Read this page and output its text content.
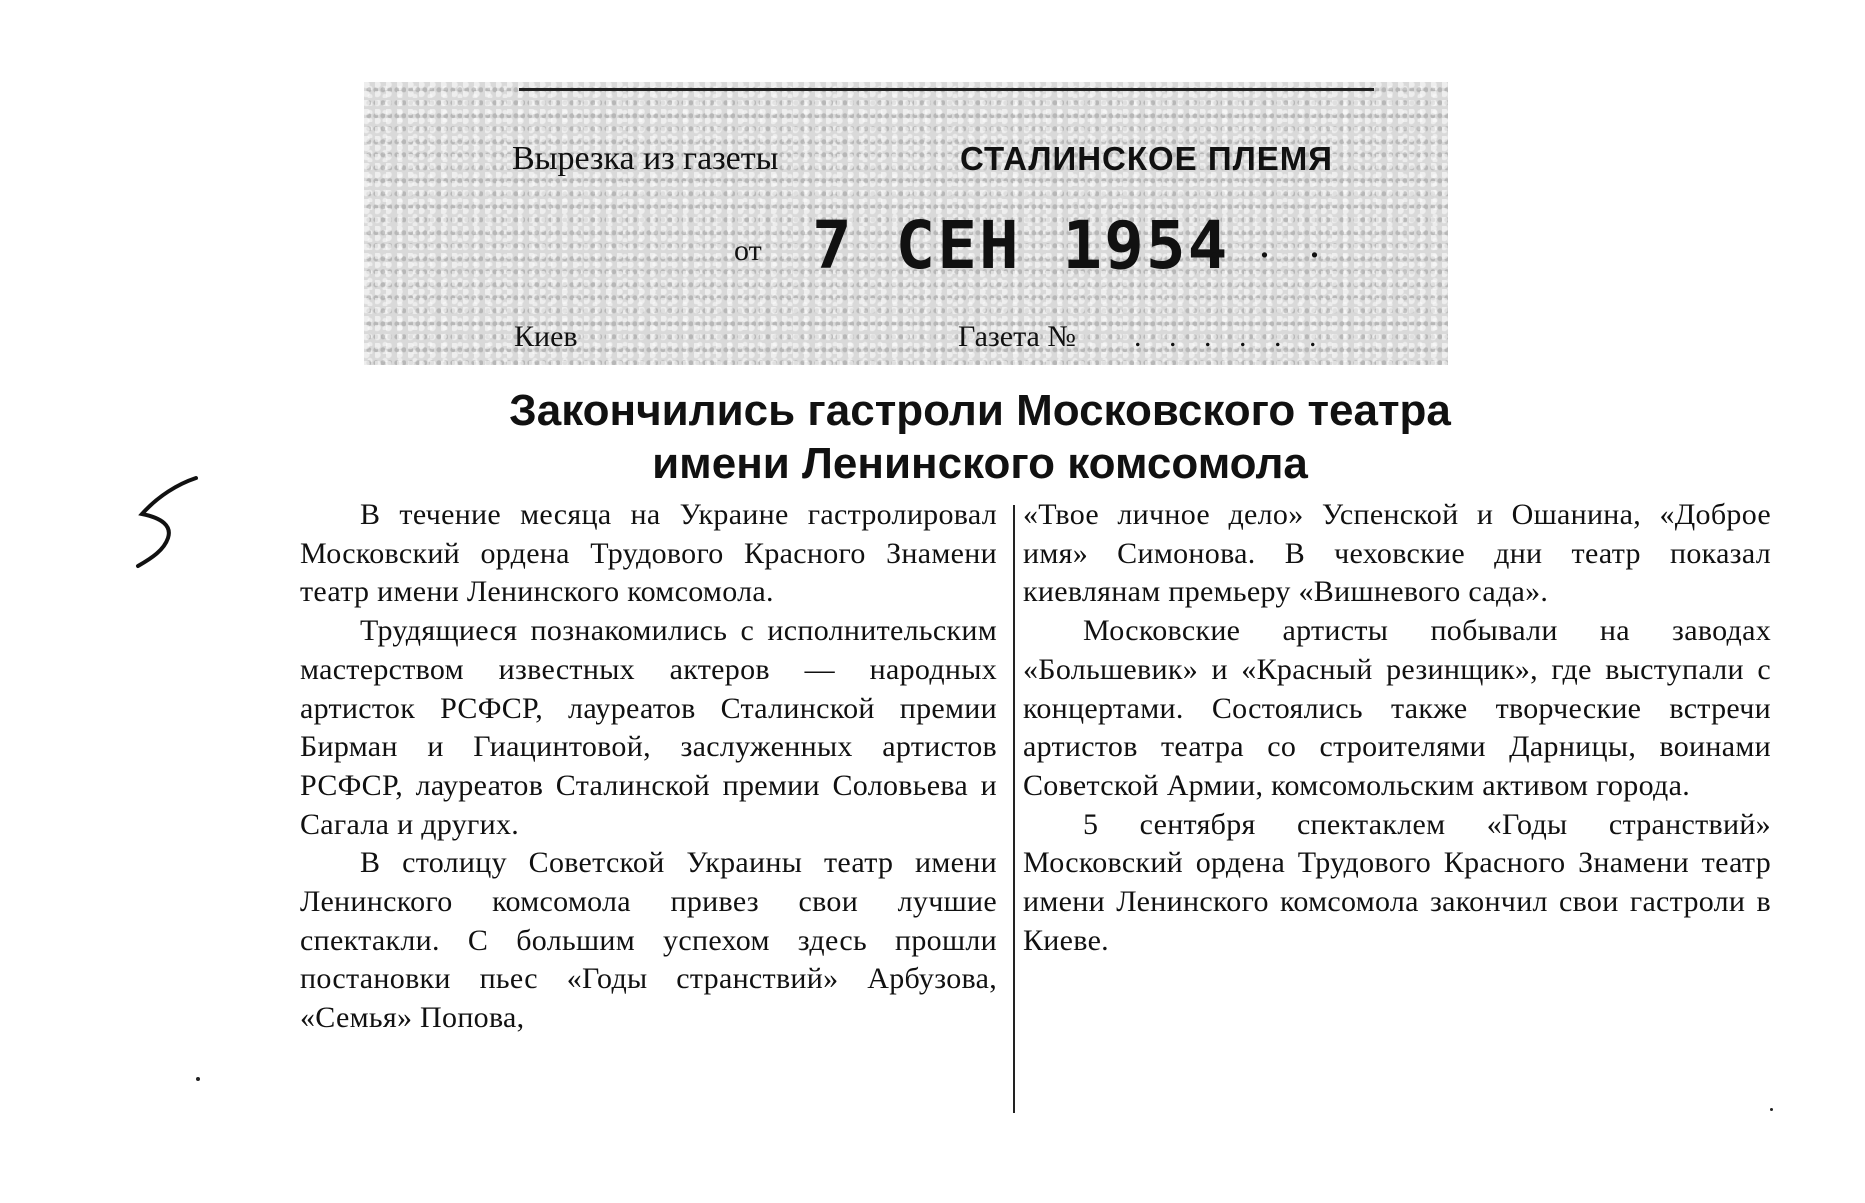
Вырезка из газеты	СТАЛИНСКОЕ ПЛЕМЯ
от 7 СЕН 1954
. . .
Киев	Газета № . . . . . .
Закончились гастроли Московского театра
имени Ленинского комсомола

В течение месяца на Украине гастролировал Московский ордена Трудового Красного Знамени театр имени Ленинского комсомола.

Трудящиеся познакомились с исполнительским мастерством известных актеров — народных артисток РСФСР, лауреатов Сталинской премии Бирман и Гиацинтовой, заслуженных артистов РСФСР, лауреатов Сталинской премии Соловьева и Сагала и других.

В столицу Советской Украины театр имени Ленинского комсомола привез свои лучшие спектакли. С большим успехом здесь прошли постановки пьес «Годы странствий» Арбузова, «Семья» Попова,

«Твое личное дело» Успенской и Ошанина, «Доброе имя» Симонова. В чеховские дни театр показал киевлянам премьеру «Вишневого сада».

Московские артисты побывали на заводах «Большевик» и «Красный резинщик», где выступали с концертами. Состоялись также творческие встречи артистов театра со строителями Дарницы, воинами Советской Армии, комсомольским активом города.

5 сентября спектаклем «Годы странствий» Московский ордена Трудового Красного Знамени театр имени Ленинского комсомола закончил свои гастроли в Киеве.
